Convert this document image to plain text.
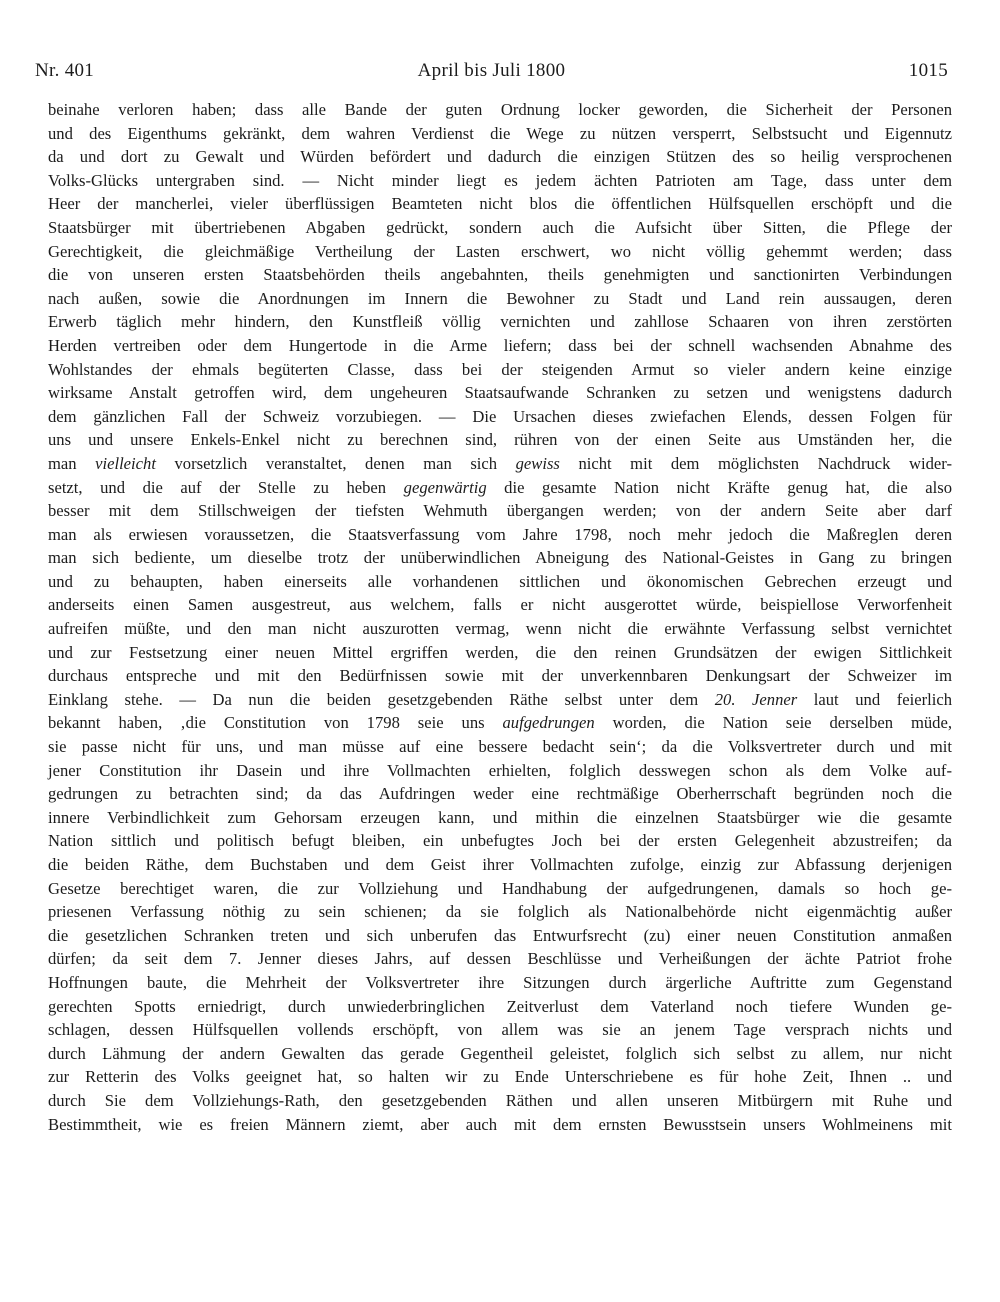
Nr. 401	April bis Juli 1800	1015
beinahe verloren haben; dass alle Bande der guten Ordnung locker geworden, die Sicherheit der Personen
und des Eigenthums gekränkt, dem wahren Verdienst die Wege zu nützen versperrt, Selbstsucht und Eigennutz
da und dort zu Gewalt und Würden befördert und dadurch die einzigen Stützen des so heilig versprochenen
Volks-Glücks untergraben sind. — Nicht minder liegt es jedem ächten Patrioten am Tage, dass unter dem
Heer der mancherlei, vieler überflüssigen Beamteten nicht blos die öffentlichen Hülfsquellen erschöpft und die
Staatsbürger mit übertriebenen Abgaben gedrückt, sondern auch die Aufsicht über Sitten, die Pflege der
Gerechtigkeit, die gleichmäßige Vertheilung der Lasten erschwert, wo nicht völlig gehemmt werden; dass
die von unseren ersten Staatsbehörden theils angebahnten, theils genehmigten und sanctionirten Verbindungen
nach außen, sowie die Anordnungen im Innern die Bewohner zu Stadt und Land rein aussaugen, deren
Erwerb täglich mehr hindern, den Kunstfleiß völlig vernichten und zahllose Schaaren von ihren zerstörten
Herden vertreiben oder dem Hungertode in die Arme liefern; dass bei der schnell wachsenden Abnahme des
Wohlstandes der ehmals begüterten Classe, dass bei der steigenden Armut so vieler andern keine einzige
wirksame Anstalt getroffen wird, dem ungeheuren Staatsaufwande Schranken zu setzen und wenigstens dadurch
dem gänzlichen Fall der Schweiz vorzubiegen. — Die Ursachen dieses zwiefachen Elends, dessen Folgen für
uns und unsere Enkels-Enkel nicht zu berechnen sind, rühren von der einen Seite aus Umständen her, die
man vielleicht vorsetzlich veranstaltet, denen man sich gewiss nicht mit dem möglichsten Nachdruck wider-
setzt, und die auf der Stelle zu heben gegenwärtig die gesamte Nation nicht Kräfte genug hat, die also
besser mit dem Stillschweigen der tiefsten Wehmuth übergangen werden; von der andern Seite aber darf
man als erwiesen voraussetzen, die Staatsverfassung vom Jahre 1798, noch mehr jedoch die Maßreglen deren
man sich bediente, um dieselbe trotz der unüberwindlichen Abneigung des National-Geistes in Gang zu bringen
und zu behaupten, haben einerseits alle vorhandenen sittlichen und ökonomischen Gebrechen erzeugt und
anderseits einen Samen ausgestreut, aus welchem, falls er nicht ausgerottet würde, beispiellose Verworfenheit
aufreifen müßte, und den man nicht auszurotten vermag, wenn nicht die erwähnte Verfassung selbst vernichtet
und zur Festsetzung einer neuen Mittel ergriffen werden, die den reinen Grundsätzen der ewigen Sittlichkeit
durchaus entspreche und mit den Bedürfnissen sowie mit der unverkennbaren Denkungsart der Schweizer im
Einklang stehe. — Da nun die beiden gesetzgebenden Räthe selbst unter dem 20. Jenner laut und feierlich
bekannt haben, ‚die Constitution von 1798 seie uns aufgedrungen worden, die Nation seie derselben müde,
sie passe nicht für uns, und man müsse auf eine bessere bedacht sein‘; da die Volksvertreter durch und mit
jener Constitution ihr Dasein und ihre Vollmachten erhielten, folglich desswegen schon als dem Volke auf-
gedrungen zu betrachten sind; da das Aufdringen weder eine rechtmäßige Oberherrschaft begründen noch die
innere Verbindlichkeit zum Gehorsam erzeugen kann, und mithin die einzelnen Staatsbürger wie die gesamte
Nation sittlich und politisch befugt bleiben, ein unbefugtes Joch bei der ersten Gelegenheit abzustreifen; da
die beiden Räthe, dem Buchstaben und dem Geist ihrer Vollmachten zufolge, einzig zur Abfassung derjenigen
Gesetze berechtiget waren, die zur Vollziehung und Handhabung der aufgedrungenen, damals so hoch ge-
priesenen Verfassung nöthig zu sein schienen; da sie folglich als Nationalbehörde nicht eigenmächtig außer
die gesetzlichen Schranken treten und sich unberufen das Entwurfsrecht (zu) einer neuen Constitution anmaßen
dürfen; da seit dem 7. Jenner dieses Jahrs, auf dessen Beschlüsse und Verheißungen der ächte Patriot frohe
Hoffnungen baute, die Mehrheit der Volksvertreter ihre Sitzungen durch ärgerliche Auftritte zum Gegenstand
gerechten Spotts erniedrigt, durch unwiederbringlichen Zeitverlust dem Vaterland noch tiefere Wunden ge-
schlagen, dessen Hülfsquellen vollends erschöpft, von allem was sie an jenem Tage versprach nichts und
durch Lähmung der andern Gewalten das gerade Gegentheil geleistet, folglich sich selbst zu allem, nur nicht
zur Retterin des Volks geeignet hat, so halten wir zu Ende Unterschriebene es für hohe Zeit, Ihnen .. und
durch Sie dem Vollziehungs-Rath, den gesetzgebenden Räthen und allen unseren Mitbürgern mit Ruhe und
Bestimmtheit, wie es freien Männern ziemt, aber auch mit dem ernsten Bewusstsein unsers Wohlmeinens mit
